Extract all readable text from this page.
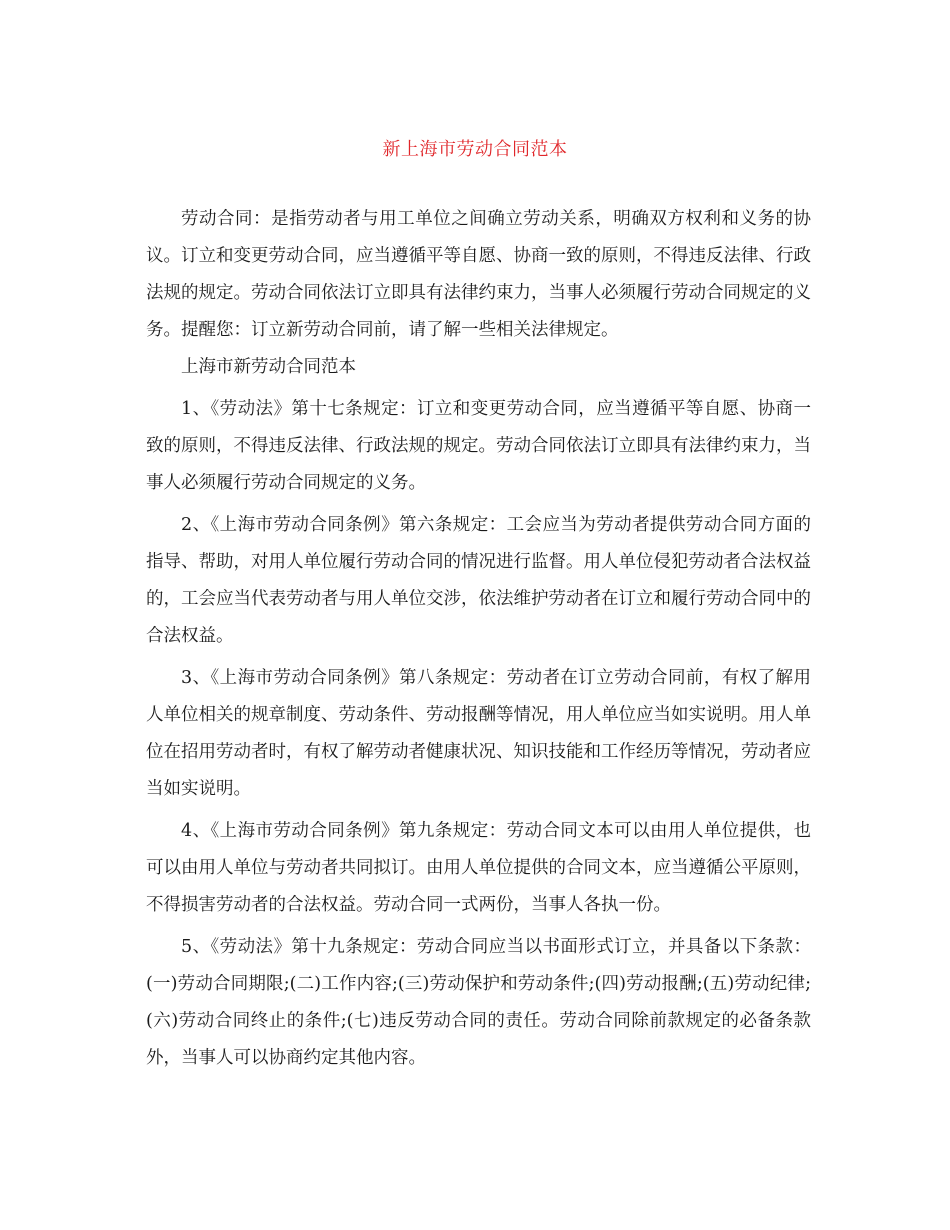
新上海市劳动合同范本

劳动合同：是指劳动者与用工单位之间确立劳动关系，明确双方权利和义务的协议。订立和变更劳动合同，应当遵循平等自愿、协商一致的原则，不得违反法律、行政法规的规定。劳动合同依法订立即具有法律约束力，当事人必须履行劳动合同规定的义务。提醒您：订立新劳动合同前，请了解一些相关法律规定。

上海市新劳动合同范本

1、《劳动法》第十七条规定：订立和变更劳动合同，应当遵循平等自愿、协商一致的原则，不得违反法律、行政法规的规定。劳动合同依法订立即具有法律约束力，当事人必须履行劳动合同规定的义务。

2、《上海市劳动合同条例》第六条规定：工会应当为劳动者提供劳动合同方面的指导、帮助，对用人单位履行劳动合同的情况进行监督。用人单位侵犯劳动者合法权益的，工会应当代表劳动者与用人单位交涉，依法维护劳动者在订立和履行劳动合同中的合法权益。

3、《上海市劳动合同条例》第八条规定：劳动者在订立劳动合同前，有权了解用人单位相关的规章制度、劳动条件、劳动报酬等情况，用人单位应当如实说明。用人单位在招用劳动者时，有权了解劳动者健康状况、知识技能和工作经历等情况，劳动者应当如实说明。

4、《上海市劳动合同条例》第九条规定：劳动合同文本可以由用人单位提供，也可以由用人单位与劳动者共同拟订。由用人单位提供的合同文本，应当遵循公平原则，不得损害劳动者的合法权益。劳动合同一式两份，当事人各执一份。

5、《劳动法》第十九条规定：劳动合同应当以书面形式订立，并具备以下条款：(一)劳动合同期限;(二)工作内容;(三)劳动保护和劳动条件;(四)劳动报酬;(五)劳动纪律;(六)劳动合同终止的条件;(七)违反劳动合同的责任。劳动合同除前款规定的必备条款外，当事人可以协商约定其他内容。
